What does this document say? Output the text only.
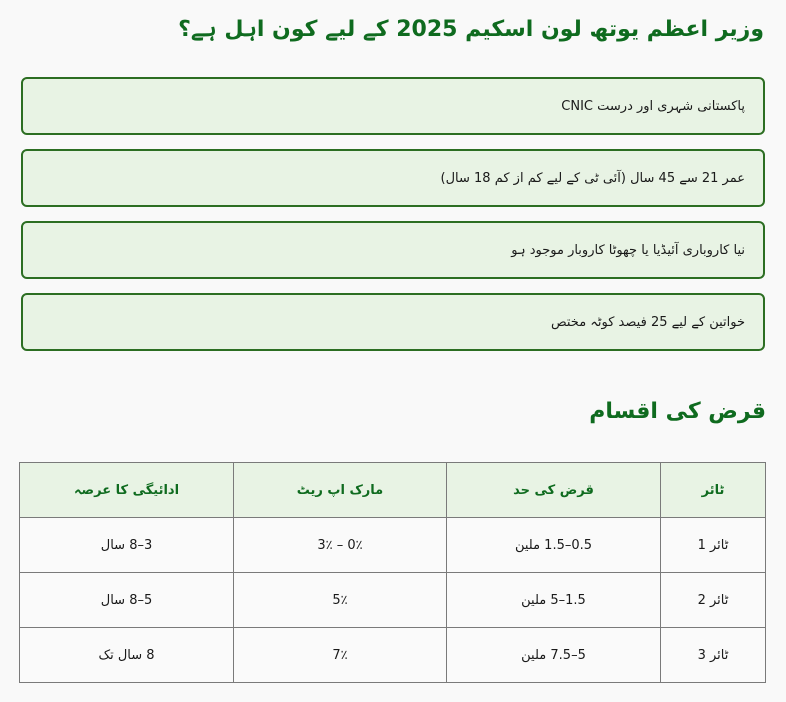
وزیر اعظم یوتھ لون اسکیم 2025 کے لیے کون اہل ہے؟
پاکستانی شہری اور درست CNIC
عمر 21 سے 45 سال (آئی ٹی کے لیے کم از کم 18 سال)
نیا کاروباری آئیڈیا یا چھوٹا کاروبار موجود ہو
خواتین کے لیے 25 فیصد کوٹہ مختص
قرض کی اقسام
ٹائر	قرض کی حد	مارک اپ ریٹ	ادائیگی کا عرصہ
ٹائر 1	0.5–1.5 ملین	0٪ – 3٪	3–8 سال
ٹائر 2	1.5–5 ملین	5٪	5–8 سال
ٹائر 3	5–7.5 ملین	7٪	8 سال تک
